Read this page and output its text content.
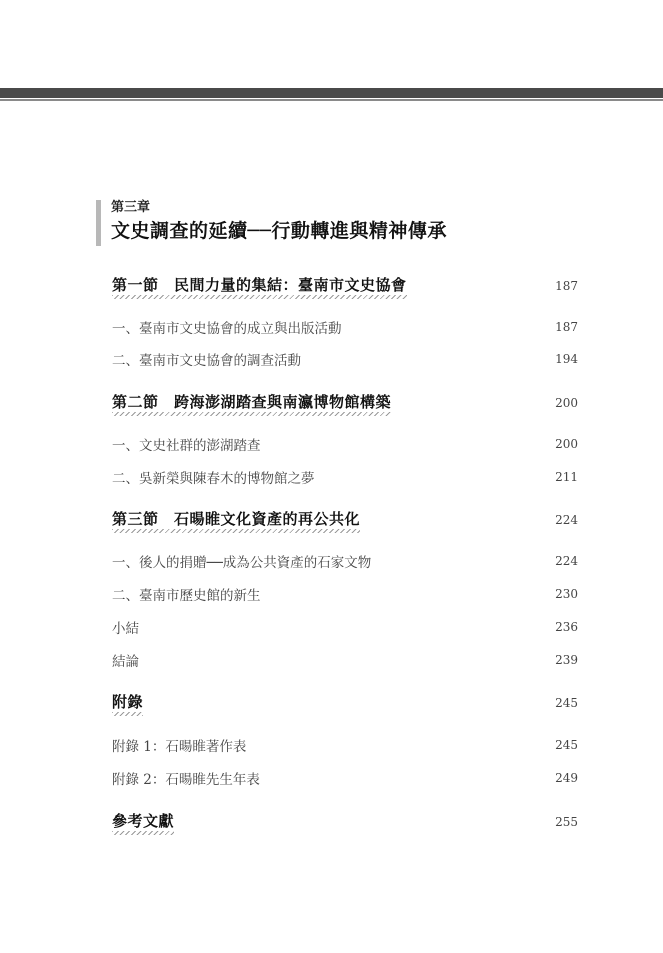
第三章
文史調查的延續──行動轉進與精神傳承
第一節　民間力量的集結：臺南市文史協會	187
一、臺南市文史協會的成立與出版活動	187
二、臺南市文史協會的調查活動	194
第二節　跨海澎湖踏查與南瀛博物館構築	200
一、文史社群的澎湖踏查	200
二、吳新榮與陳春木的博物館之夢	211
第三節　石暘睢文化資產的再公共化	224
一、後人的捐贈──成為公共資產的石家文物	224
二、臺南市歷史館的新生	230
小結	236
結論	239
附錄	245
附錄 1：石暘睢著作表	245
附錄 2：石暘睢先生年表	249
參考文獻	255
